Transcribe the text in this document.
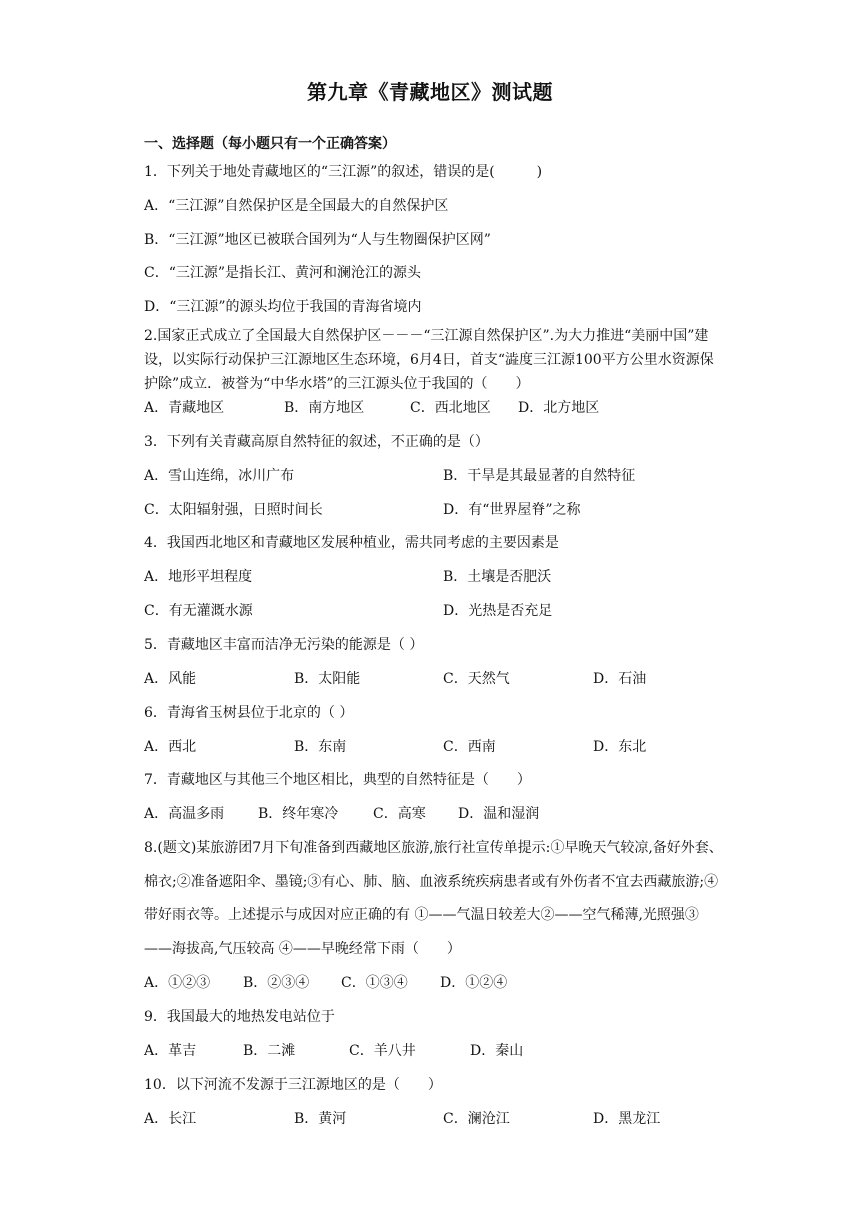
第九章《青藏地区》测试题
一、选择题（每小题只有一个正确答案）
1．下列关于地处青藏地区的“三江源”的叙述，错误的是(　　　)
A．“三江源”自然保护区是全国最大的自然保护区
B．“三江源”地区已被联合国列为“人与生物圈保护区网”
C．“三江源”是指长江、黄河和澜沧江的源头
D．“三江源”的源头均位于我国的青海省境内
2.国家正式成立了全国最大自然保护区－－－“三江源自然保护区”.为大力推进“美丽中国”建设，以实际行动保护三江源地区生态环境，6月4日，首支“澁度三江源100平方公里水资源保护除”成立．被誉为“中华水塔”的三江源头位于我国的（　　）
A．青藏地区	B．南方地区	C．西北地区 D．北方地区
3．下列有关青藏高原自然特征的叙述，不正确的是（）
A．雪山连绵，冰川广布	B．干旱是其最显著的自然特征
C．太阳辐射强，日照时间长	D．有“世界屋脊”之称
4．我国西北地区和青藏地区发展种植业，需共同考虑的主要因素是
A．地形平坦程度	B．土壤是否肥沃
C．有无灌溉水源	D．光热是否充足
5．青藏地区丰富而洁净无污染的能源是（ ）
A．风能	B．太阳能	C．天然气	D．石油
6．青海省玉树县位于北京的（ ）
A．西北	B．东南	C．西南	D．东北
7．青藏地区与其他三个地区相比，典型的自然特征是（　　）
A．高温多雨 B．终年寒冷 C．高寒 D．温和湿润
8.(题文)某旅游团7月下旬准备到西藏地区旅游,旅行社宣传单提示:①早晚天气较凉,备好外套、棉衣;②准备遮阳伞、墨镜;③有心、肺、脑、血液系统疾病患者或有外伤者不宜去西藏旅游;④带好雨衣等。上述提示与成因对应正确的有 ①——气温日较差大②——空气稀薄,光照强③——海拔高,气压较高 ④——早晚经常下雨（　　）
A．①②③ B．②③④ C．①③④ D．①②④
9．我国最大的地热发电站位于
A．革吉	B．二滩	C．羊八井	D．秦山
10．以下河流不发源于三江源地区的是（　　）
A．长江	B．黄河	C．澜沧江	D．黑龙江
